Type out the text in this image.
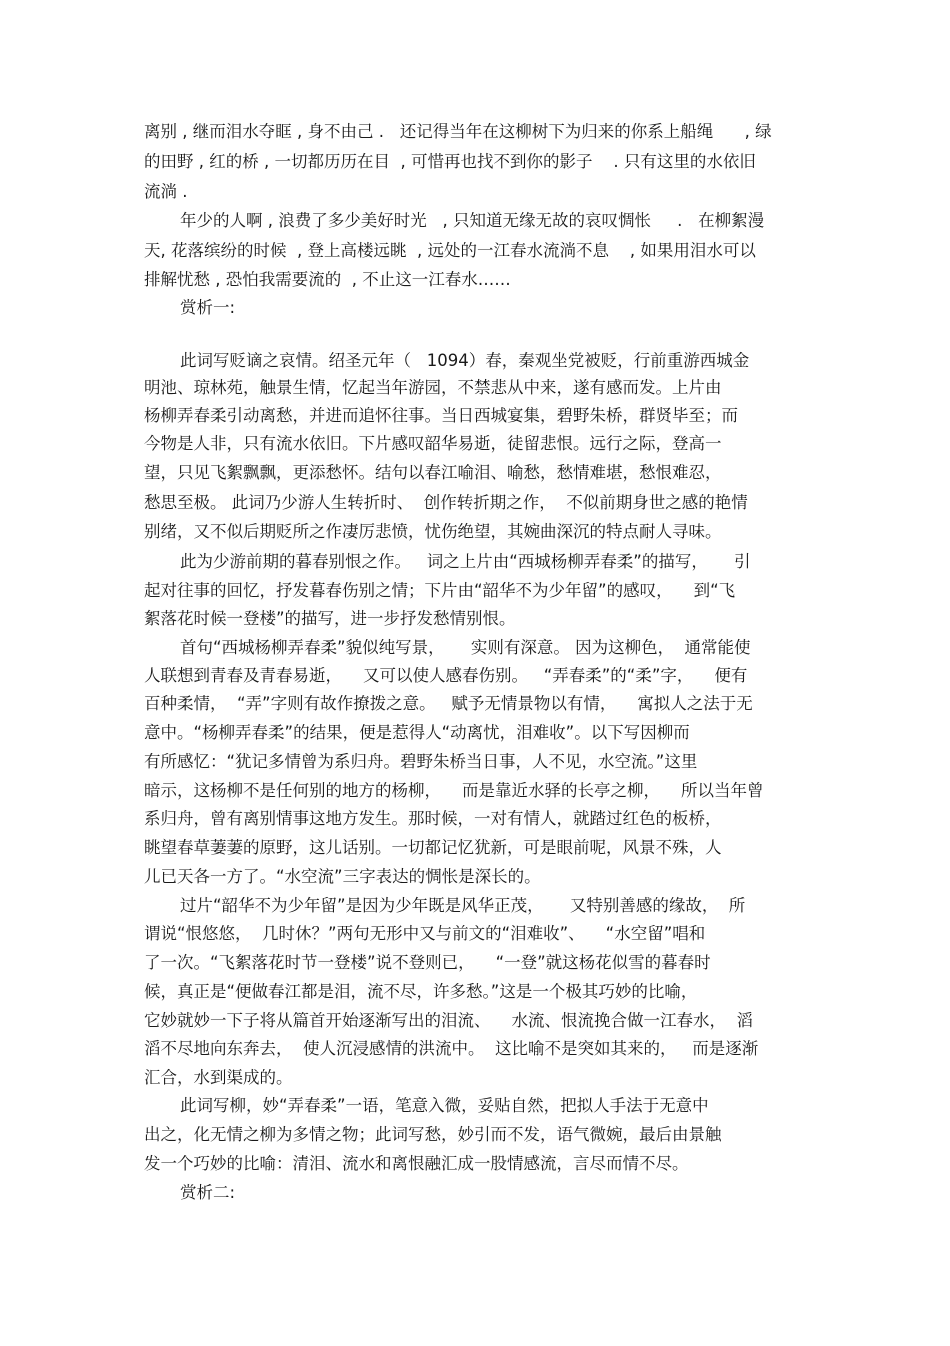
离别 , 继而泪水夺眶 , 身不由己 .   还记得当年在这柳树下为归来的你系上船绳      , 绿

的田野 , 红的桥 , 一切都历历在目  , 可惜再也找不到你的影子    . 只有这里的水依旧

流淌 .

年少的人啊 , 浪费了多少美好时光   , 只知道无缘无故的哀叹惆怅     .   在柳絮漫

天, 花落缤纷的时候  , 登上高楼远眺  , 远处的一江春水流淌不息    , 如果用泪水可以

排解忧愁 , 恐怕我需要流的  , 不止这一江春水……

赏析一:

此词写贬谪之哀情。绍圣元年（   1094）春，秦观坐党被贬，行前重游西城金

明池、琼林苑，触景生情，忆起当年游园，不禁悲从中来，遂有感而发。上片由

杨柳弄春柔引动离愁，并进而追怀往事。当日西城宴集，碧野朱桥，群贤毕至；而

今物是人非，只有流水依旧。下片感叹韶华易逝，徒留悲恨。远行之际，登高一

望，只见飞絮飘飘，更添愁怀。结句以春江喻泪、喻愁，愁情难堪，愁恨难忍，

愁思至极。 此词乃少游人生转折时、  创作转折期之作，  不似前期身世之感的艳情

别绪，又不似后期贬所之作凄厉悲愤，忧伤绝望，其婉曲深沉的特点耐人寻味。

此为少游前期的暮春别恨之作。   词之上片由“西城杨柳弄春柔”的描写，     引

起对往事的回忆，抒发暮春伤别之情；下片由“韶华不为少年留”的感叹，    到“飞

絮落花时候一登楼”的描写，进一步抒发愁情别恨。

首句“西城杨柳弄春柔”貌似纯写景，     实则有深意。 因为这柳色，  通常能使

人联想到青春及青春易逝，    又可以使人感春伤别。   “弄春柔”的“柔”字，    便有

百种柔情，  “弄”字则有故作撩拨之意。   赋予无情景物以有情，    寓拟人之法于无

意中。“杨柳弄春柔”的结果，便是惹得人“动离忧，泪难收”。以下写因柳而

有所感忆：“犹记多情曾为系归舟。碧野朱桥当日事，人不见，水空流。”这里

暗示，这杨柳不是任何别的地方的杨柳，    而是靠近水驿的长亭之柳，    所以当年曾

系归舟，曾有离别情事这地方发生。那时候，一对有情人，就踏过红色的板桥，

眺望春草萋萋的原野，这儿话别。一切都记忆犹新，可是眼前呢，风景不殊，人

儿已天各一方了。“水空流”三字表达的惆怅是深长的。

过片“韶华不为少年留”是因为少年既是风华正茂，     又特别善感的缘故，  所

谓说“恨悠悠，  几时休？”两句无形中又与前文的“泪难收”、    “水空留”唱和

了一次。“飞絮落花时节一登楼”说不登则已，    “一登”就这杨花似雪的暮春时

候，真正是“便做春江都是泪，流不尽，许多愁。”这是一个极其巧妙的比喻，

它妙就妙一下子将从篇首开始逐渐写出的泪流、    水流、恨流挽合做一江春水，  滔

滔不尽地向东奔去，  使人沉浸感情的洪流中。  这比喻不是突如其来的，   而是逐渐

汇合，水到渠成的。

此词写柳，妙“弄春柔”一语，笔意入微，妥贴自然，把拟人手法于无意中

出之，化无情之柳为多情之物；此词写愁，妙引而不发，语气微婉，最后由景触

发一个巧妙的比喻：清泪、流水和离恨融汇成一股情感流，言尽而情不尽。

赏析二:
